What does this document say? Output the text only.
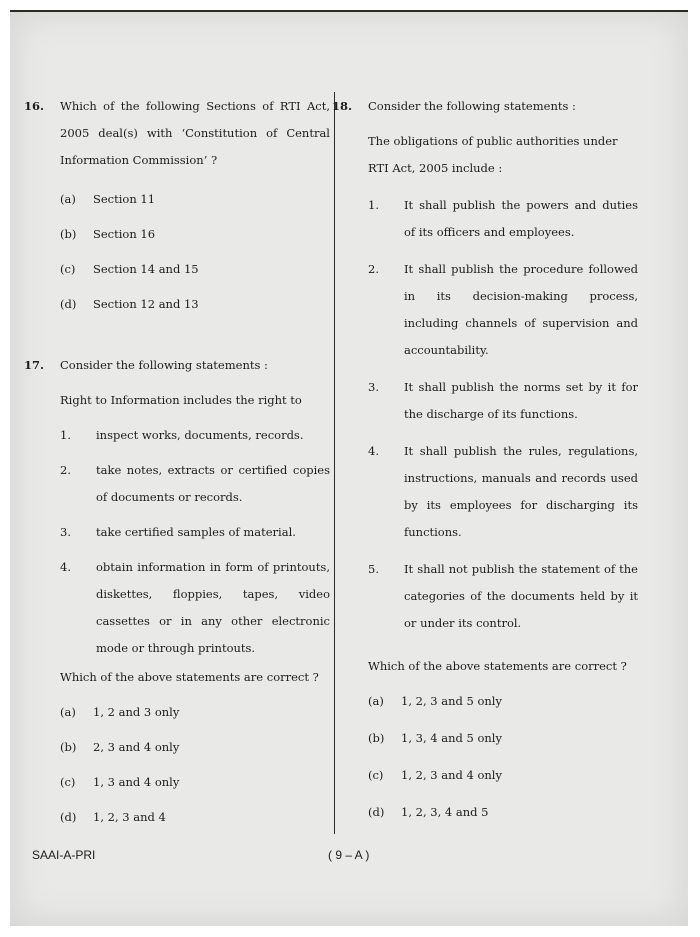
16.	Which of the following Sections of RTI Act, 2005 deal(s) with ‘Constitution of Central Information Commission’ ?
(a)	Section 11
(b)	Section 16
(c)	Section 14 and 15
(d)	Section 12 and 13
17.	Consider the following statements :
Right to Information includes the right to
1.	inspect works, documents, records.
2.	take notes, extracts or certified copies of documents or records.
3.	take certified samples of material.
4.	obtain information in form of printouts, diskettes, floppies, tapes, video cassettes or in any other electronic mode or through printouts.
Which of the above statements are correct ?
(a)	1, 2 and 3 only
(b)	2, 3 and 4 only
(c)	1, 3 and 4 only
(d)	1, 2, 3 and 4
18.	Consider the following statements :
The obligations of public authorities under RTI Act, 2005 include :
1.	It shall publish the powers and duties of its officers and employees.
2.	It shall publish the procedure followed in its decision-making process, including channels of supervision and accountability.
3.	It shall publish the norms set by it for the discharge of its functions.
4.	It shall publish the rules, regulations, instructions, manuals and records used by its employees for discharging its functions.
5.	It shall not publish the statement of the categories of the documents held by it or under its control.
Which of the above statements are correct ?
(a)	1, 2, 3 and 5 only
(b)	1, 3, 4 and 5 only
(c)	1, 2, 3 and 4 only
(d)	1, 2, 3, 4 and 5
SAAI-A-PRI	( 9 – A )
